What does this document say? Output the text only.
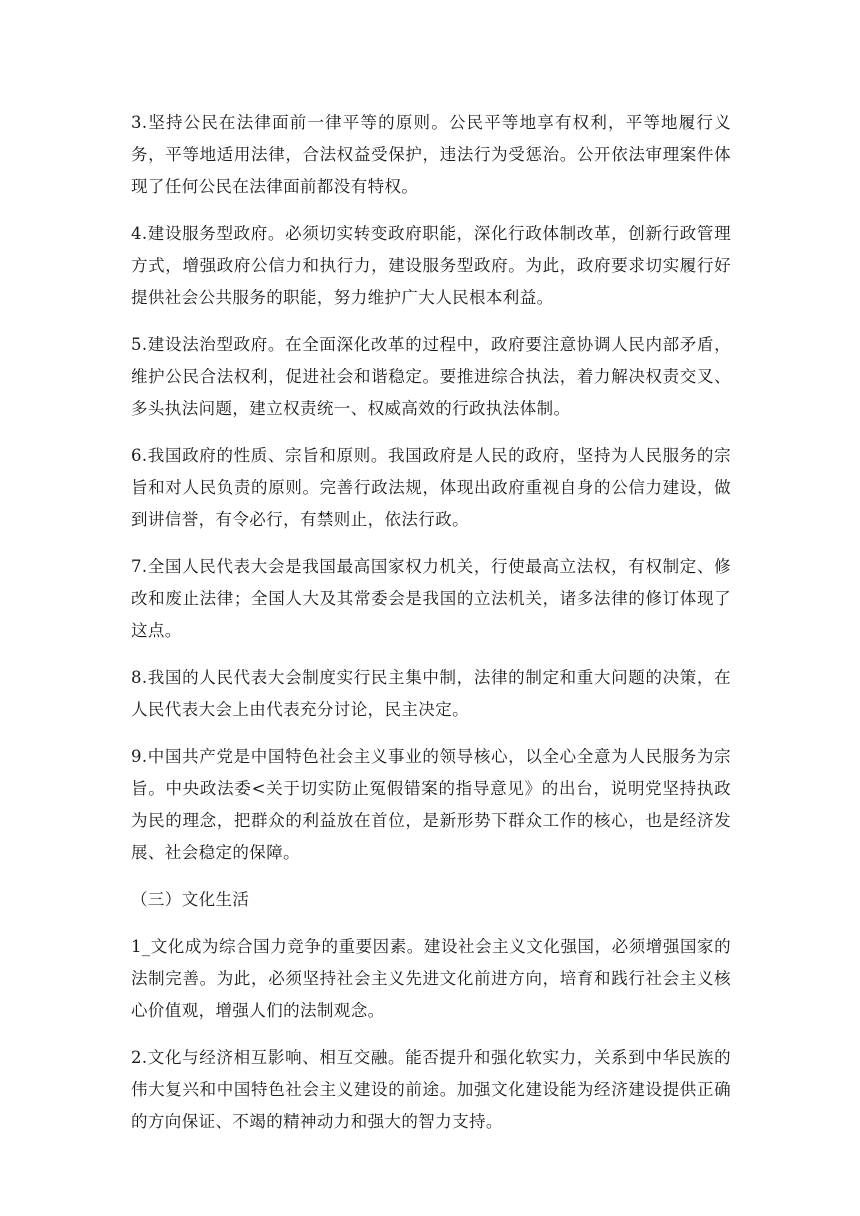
3.坚持公民在法律面前一律平等的原则。公民平等地享有权利，平等地履行义务，平等地适用法律，合法权益受保护，违法行为受惩治。公开依法审理案件体现了任何公民在法律面前都没有特权。

4.建设服务型政府。必须切实转变政府职能，深化行政体制改革，创新行政管理方式，增强政府公信力和执行力，建设服务型政府。为此，政府要求切实履行好提供社会公共服务的职能，努力维护广大人民根本利益。

5.建设法治型政府。在全面深化改革的过程中，政府要注意协调人民内部矛盾，维护公民合法权利，促进社会和谐稳定。要推进综合执法，着力解决权责交叉、多头执法问题，建立权责统一、权威高效的行政执法体制。

6.我国政府的性质、宗旨和原则。我国政府是人民的政府，坚持为人民服务的宗旨和对人民负责的原则。完善行政法规，体现出政府重视自身的公信力建设，做到讲信誉，有令必行，有禁则止，依法行政。

7.全国人民代表大会是我国最高国家权力机关，行使最高立法权，有权制定、修改和废止法律；全国人大及其常委会是我国的立法机关，诸多法律的修订体现了这点。

8.我国的人民代表大会制度实行民主集中制，法律的制定和重大问题的决策，在人民代表大会上由代表充分讨论，民主决定。

9.中国共产党是中国特色社会主义事业的领导核心，以全心全意为人民服务为宗旨。中央政法委<关于切实防止冤假错案的指导意见》的出台，说明党坚持执政为民的理念，把群众的利益放在首位，是新形势下群众工作的核心，也是经济发展、社会稳定的保障。

（三）文化生活

1_文化成为综合国力竞争的重要因素。建设社会主义文化强国，必须增强国家的法制完善。为此，必须坚持社会主义先进文化前进方向，培育和践行社会主义核心价值观，增强人们的法制观念。

2.文化与经济相互影响、相互交融。能否提升和强化软实力，关系到中华民族的伟大复兴和中国特色社会主义建设的前途。加强文化建设能为经济建设提供正确的方向保证、不竭的精神动力和强大的智力支持。
